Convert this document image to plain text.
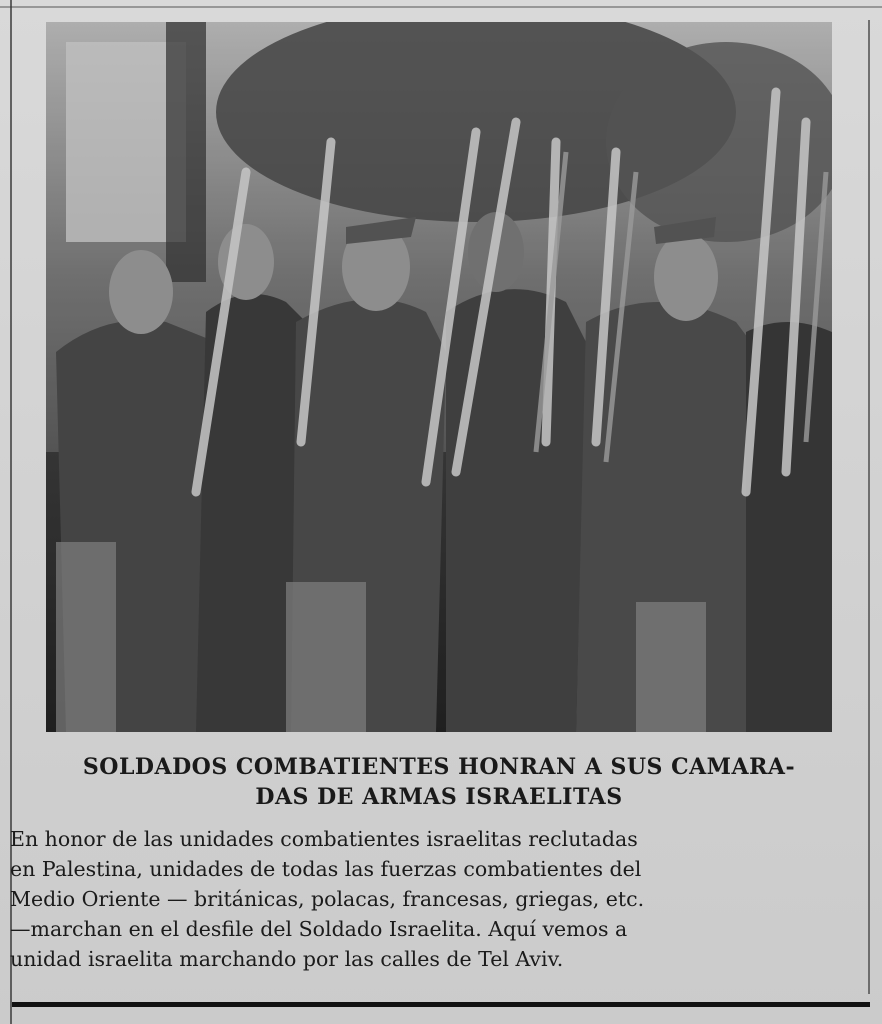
SOLDADOS COMBATIENTES HONRAN A SUS CAMARA-
DAS DE ARMAS ISRAELITAS

En honor de las unidades combatientes israelitas reclutadas
en Palestina, unidades de todas las fuerzas combatientes del
Medio Oriente — británicas, polacas, francesas, griegas, etc.
—marchan en el desfile del Soldado Israelita. Aquí vemos a
unidad israelita marchando por las calles de Tel Aviv.
